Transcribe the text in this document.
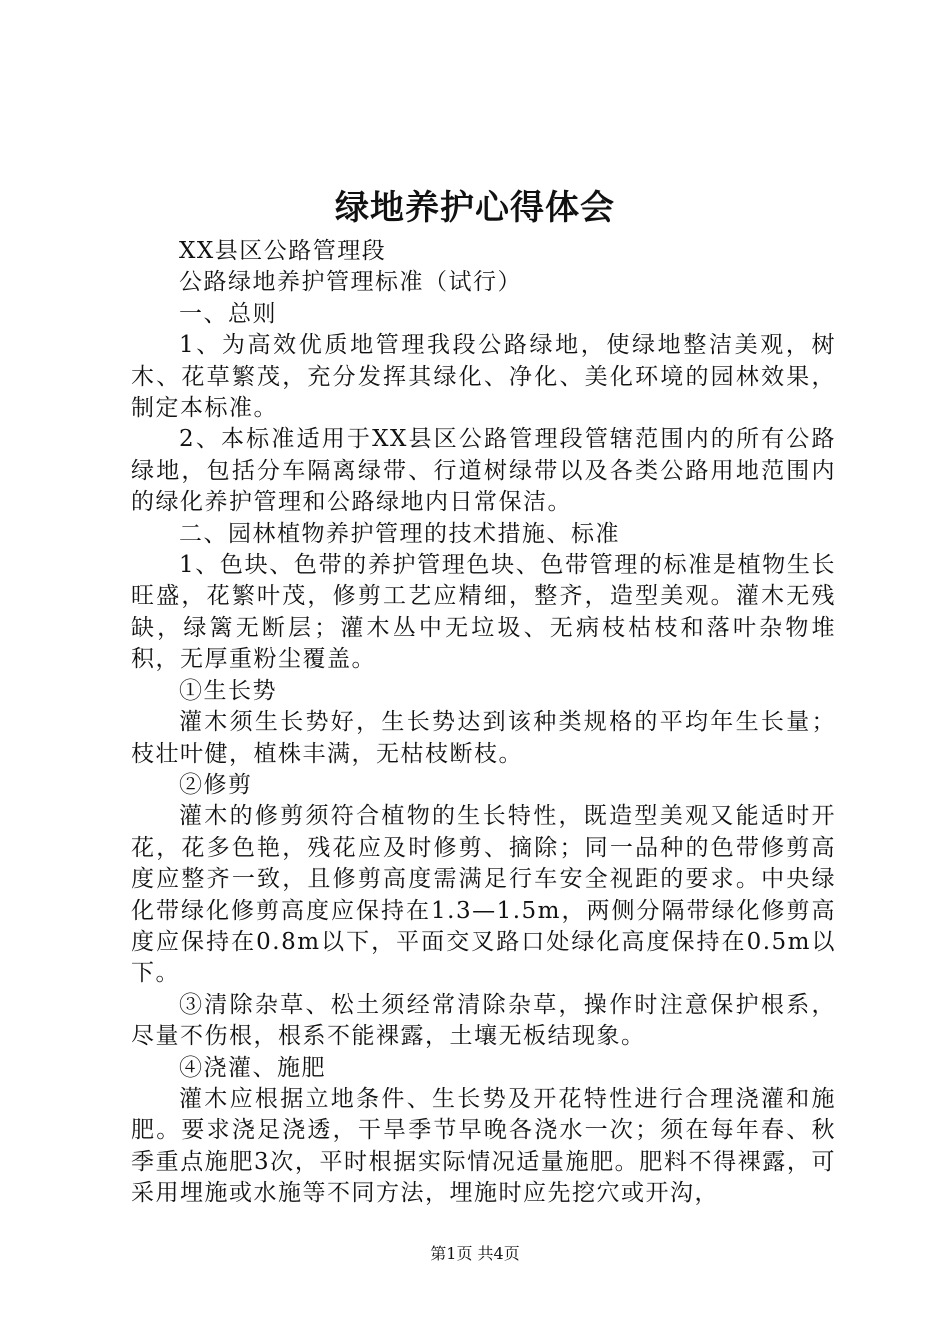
绿地养护心得体会

XX县区公路管理段

公路绿地养护管理标准（试行）

一、总则

1、为高效优质地管理我段公路绿地，使绿地整洁美观，树木、花草繁茂，充分发挥其绿化、净化、美化环境的园林效果，制定本标准。

2、本标准适用于XX县区公路管理段管辖范围内的所有公路绿地，包括分车隔离绿带、行道树绿带以及各类公路用地范围内的绿化养护管理和公路绿地内日常保洁。

二、园林植物养护管理的技术措施、标准

1、色块、色带的养护管理色块、色带管理的标准是植物生长旺盛，花繁叶茂，修剪工艺应精细，整齐，造型美观。灌木无残缺，绿篱无断层；灌木丛中无垃圾、无病枝枯枝和落叶杂物堆积，无厚重粉尘覆盖。

①生长势

灌木须生长势好，生长势达到该种类规格的平均年生长量；枝壮叶健，植株丰满，无枯枝断枝。

②修剪

灌木的修剪须符合植物的生长特性，既造型美观又能适时开花，花多色艳，残花应及时修剪、摘除；同一品种的色带修剪高度应整齐一致，且修剪高度需满足行车安全视距的要求。中央绿化带绿化修剪高度应保持在1.3—1.5m，两侧分隔带绿化修剪高度应保持在0.8m以下，平面交叉路口处绿化高度保持在0.5m以下。

③清除杂草、松土须经常清除杂草，操作时注意保护根系，尽量不伤根，根系不能裸露，土壤无板结现象。

④浇灌、施肥

灌木应根据立地条件、生长势及开花特性进行合理浇灌和施肥。要求浇足浇透，干旱季节早晚各浇水一次；须在每年春、秋季重点施肥3次，平时根据实际情况适量施肥。肥料不得裸露，可采用埋施或水施等不同方法，埋施时应先挖穴或开沟，

第1页 共4页
